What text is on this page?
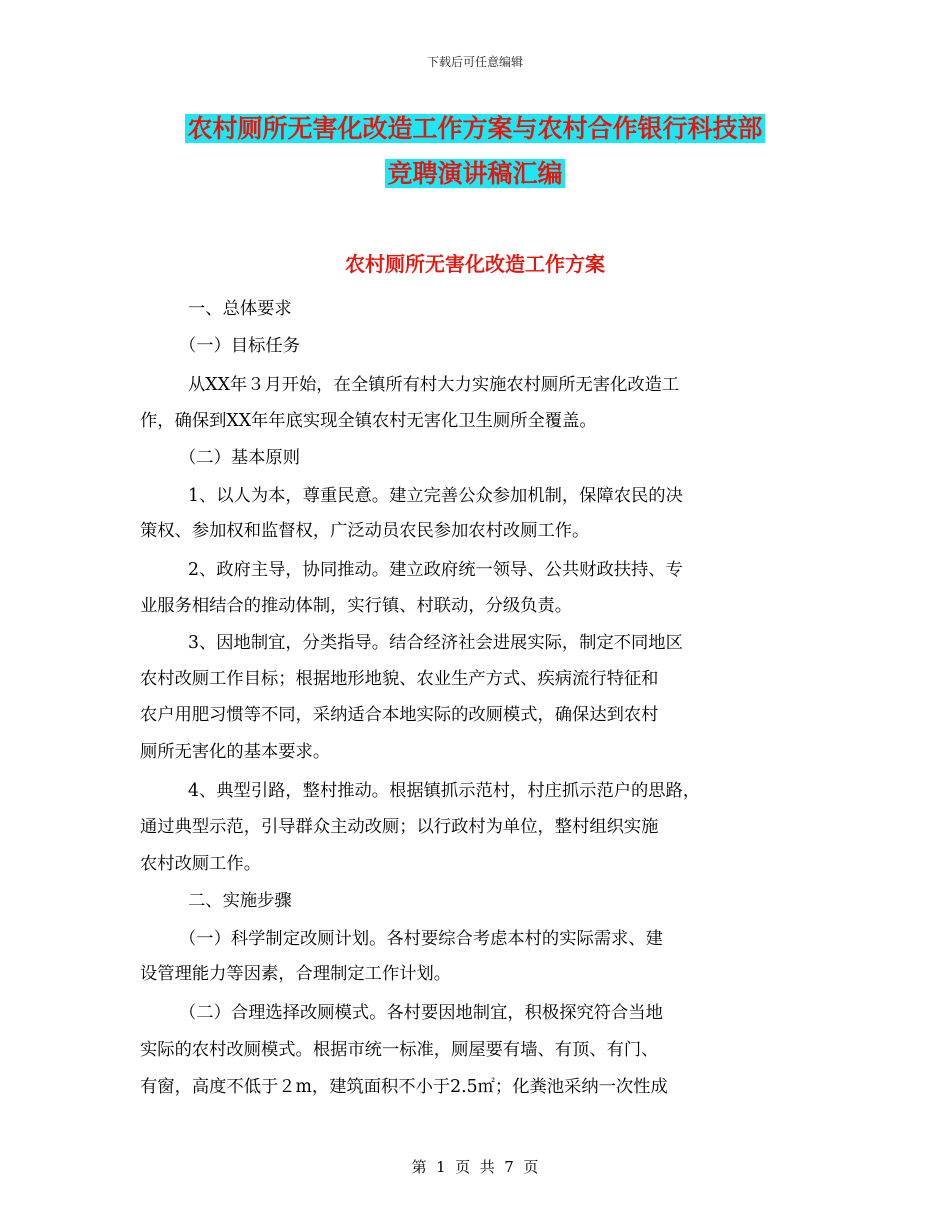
下载后可任意编辑
农村厕所无害化改造工作方案与农村合作银行科技部
竞聘演讲稿汇编
农村厕所无害化改造工作方案
一、总体要求
（一）目标任务
从XX年３月开始，在全镇所有村大力实施农村厕所无害化改造工
作，确保到XX年年底实现全镇农村无害化卫生厕所全覆盖。
（二）基本原则
1、以人为本，尊重民意。建立完善公众参加机制，保障农民的决
策权、参加权和监督权，广泛动员农民参加农村改厕工作。
2、政府主导，协同推动。建立政府统一领导、公共财政扶持、专
业服务相结合的推动体制，实行镇、村联动，分级负责。
3、因地制宜，分类指导。结合经济社会进展实际，制定不同地区
农村改厕工作目标；根据地形地貌、农业生产方式、疾病流行特征和
农户用肥习惯等不同，采纳适合本地实际的改厕模式，确保达到农村
厕所无害化的基本要求。
4、典型引路，整村推动。根据镇抓示范村，村庄抓示范户的思路，
通过典型示范，引导群众主动改厕；以行政村为单位，整村组织实施
农村改厕工作。
二、实施步骤
（一）科学制定改厕计划。各村要综合考虑本村的实际需求、建
设管理能力等因素，合理制定工作计划。
（二）合理选择改厕模式。各村要因地制宜，积极探究符合当地
实际的农村改厕模式。根据市统一标准，厕屋要有墙、有顶、有门、
有窗，高度不低于２m，建筑面积不小于2.5㎡；化粪池采纳一次性成
第  1  页  共  7  页
